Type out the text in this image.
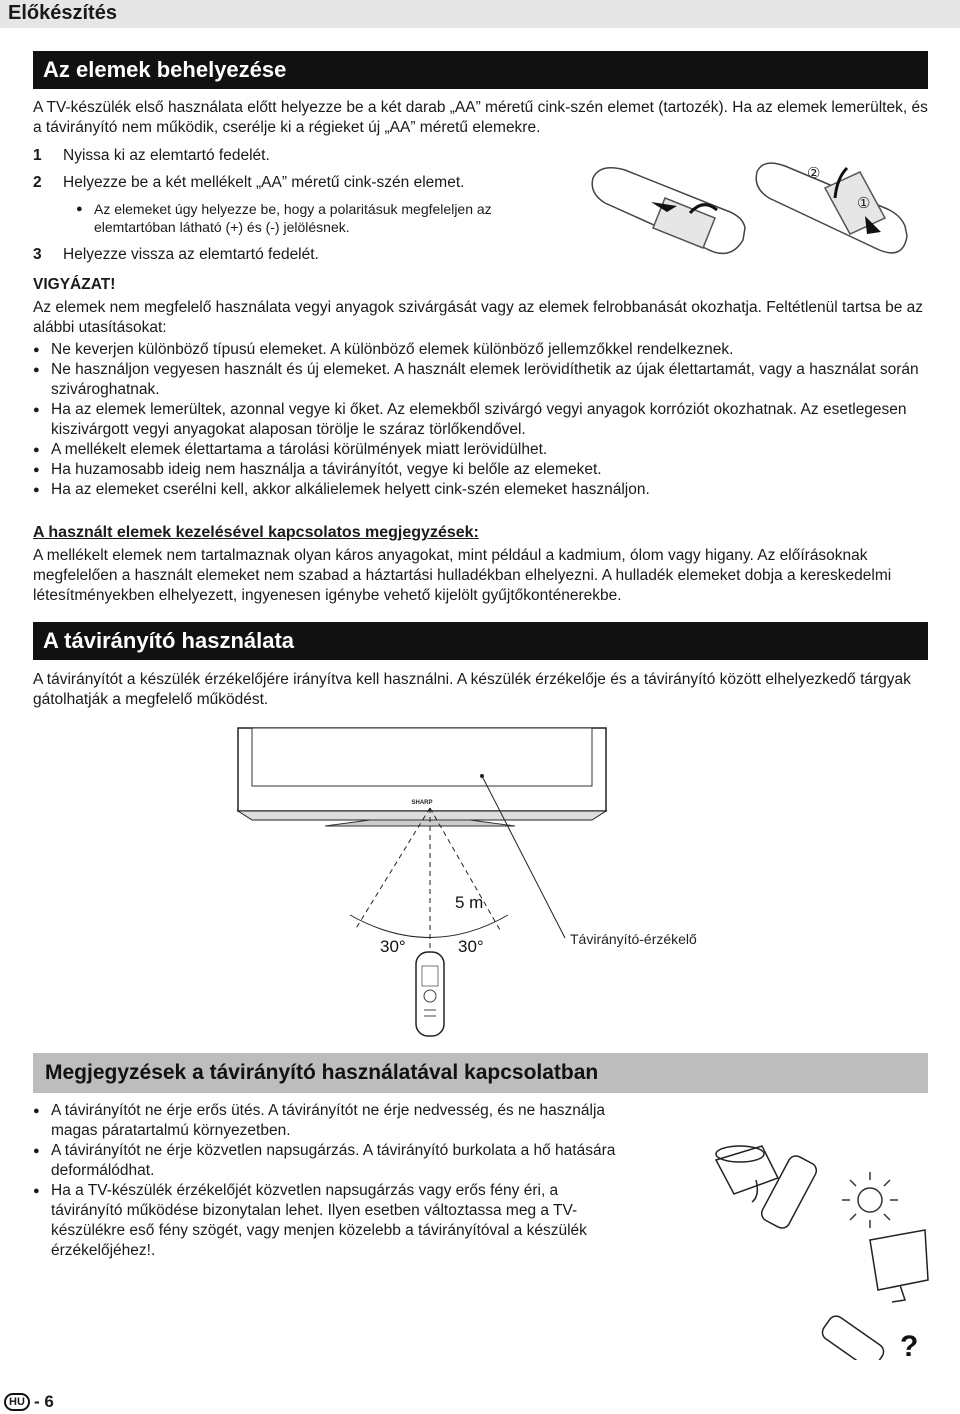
Előkészítés
Az elemek behelyezése

A TV-készülék első használata előtt helyezze be a két darab „AA” méretű cink-szén elemet (tartozék). Ha az elemek lemerültek, és a távirányító nem működik, cserélje ki a régieket új „AA” méretű elemekre.

1 Nyissa ki az elemtartó fedelét.
2 Helyezze be a két mellékelt „AA” méretű cink-szén elemet.
● Az elemeket úgy helyezze be, hogy a polaritásuk megfeleljen az elemtartóban látható (+) és (-) jelölésnek.
3 Helyezze vissza az elemtartó fedelét.
②
①
VIGYÁZAT!

Az elemek nem megfelelő használata vegyi anyagok szivárgását vagy az elemek felrobbanását okozhatja. Feltétlenül tartsa be az alábbi utasításokat:

● Ne keverjen különböző típusú elemeket. A különböző elemek különböző jellemzőkkel rendelkeznek.
● Ne használjon vegyesen használt és új elemeket. A használt elemek lerövidíthetik az újak élettartamát, vagy a használat során szivároghatnak.
● Ha az elemek lemerültek, azonnal vegye ki őket. Az elemekből szivárgó vegyi anyagok korróziót okozhatnak. Az esetlegesen kiszivárgott vegyi anyagokat alaposan törölje le száraz törlőkendővel.
● A mellékelt elemek élettartama a tárolási körülmények miatt lerövidülhet.
● Ha huzamosabb ideig nem használja a távirányítót, vegye ki belőle az elemeket.
● Ha az elemeket cserélni kell, akkor alkálielemek helyett cink-szén elemeket használjon.
A használt elemek kezelésével kapcsolatos megjegyzések:

A mellékelt elemek nem tartalmaznak olyan káros anyagokat, mint például a kadmium, ólom vagy higany. Az előírásoknak megfelelően a használt elemeket nem szabad a háztartási hulladékban elhelyezni. A hulladék elemeket dobja a kereskedelmi létesítményekben elhelyezett, ingyenesen igénybe vehető kijelölt gyűjtőkonténerekbe.

A távirányító használata

A távirányítót a készülék érzékelőjére irányítva kell használni. A készülék érzékelője és a távirányító között elhelyezkedő tárgyak gátolhatják a megfelelő működést.

SHARP
5 m
30°	30°	Távirányító-érzékelő
Megjegyzések a távirányító használatával kapcsolatban
● A távirányítót ne érje erős ütés. A távirányítót ne érje nedvesség, és ne használja magas páratartalmú környezetben.
● A távirányítót ne érje közvetlen napsugárzás. A távirányító burkolata a hő hatására deformálódhat.
● Ha a TV-készülék érzékelőjét közvetlen napsugárzás vagy erős fény éri, a távirányító működése bizonytalan lehet. Ilyen esetben változtassa meg a TV-készülékre eső fény szögét, vagy menjen közelebb a távirányítóval a készülék érzékelőjéhez!.
?
HU - 6
